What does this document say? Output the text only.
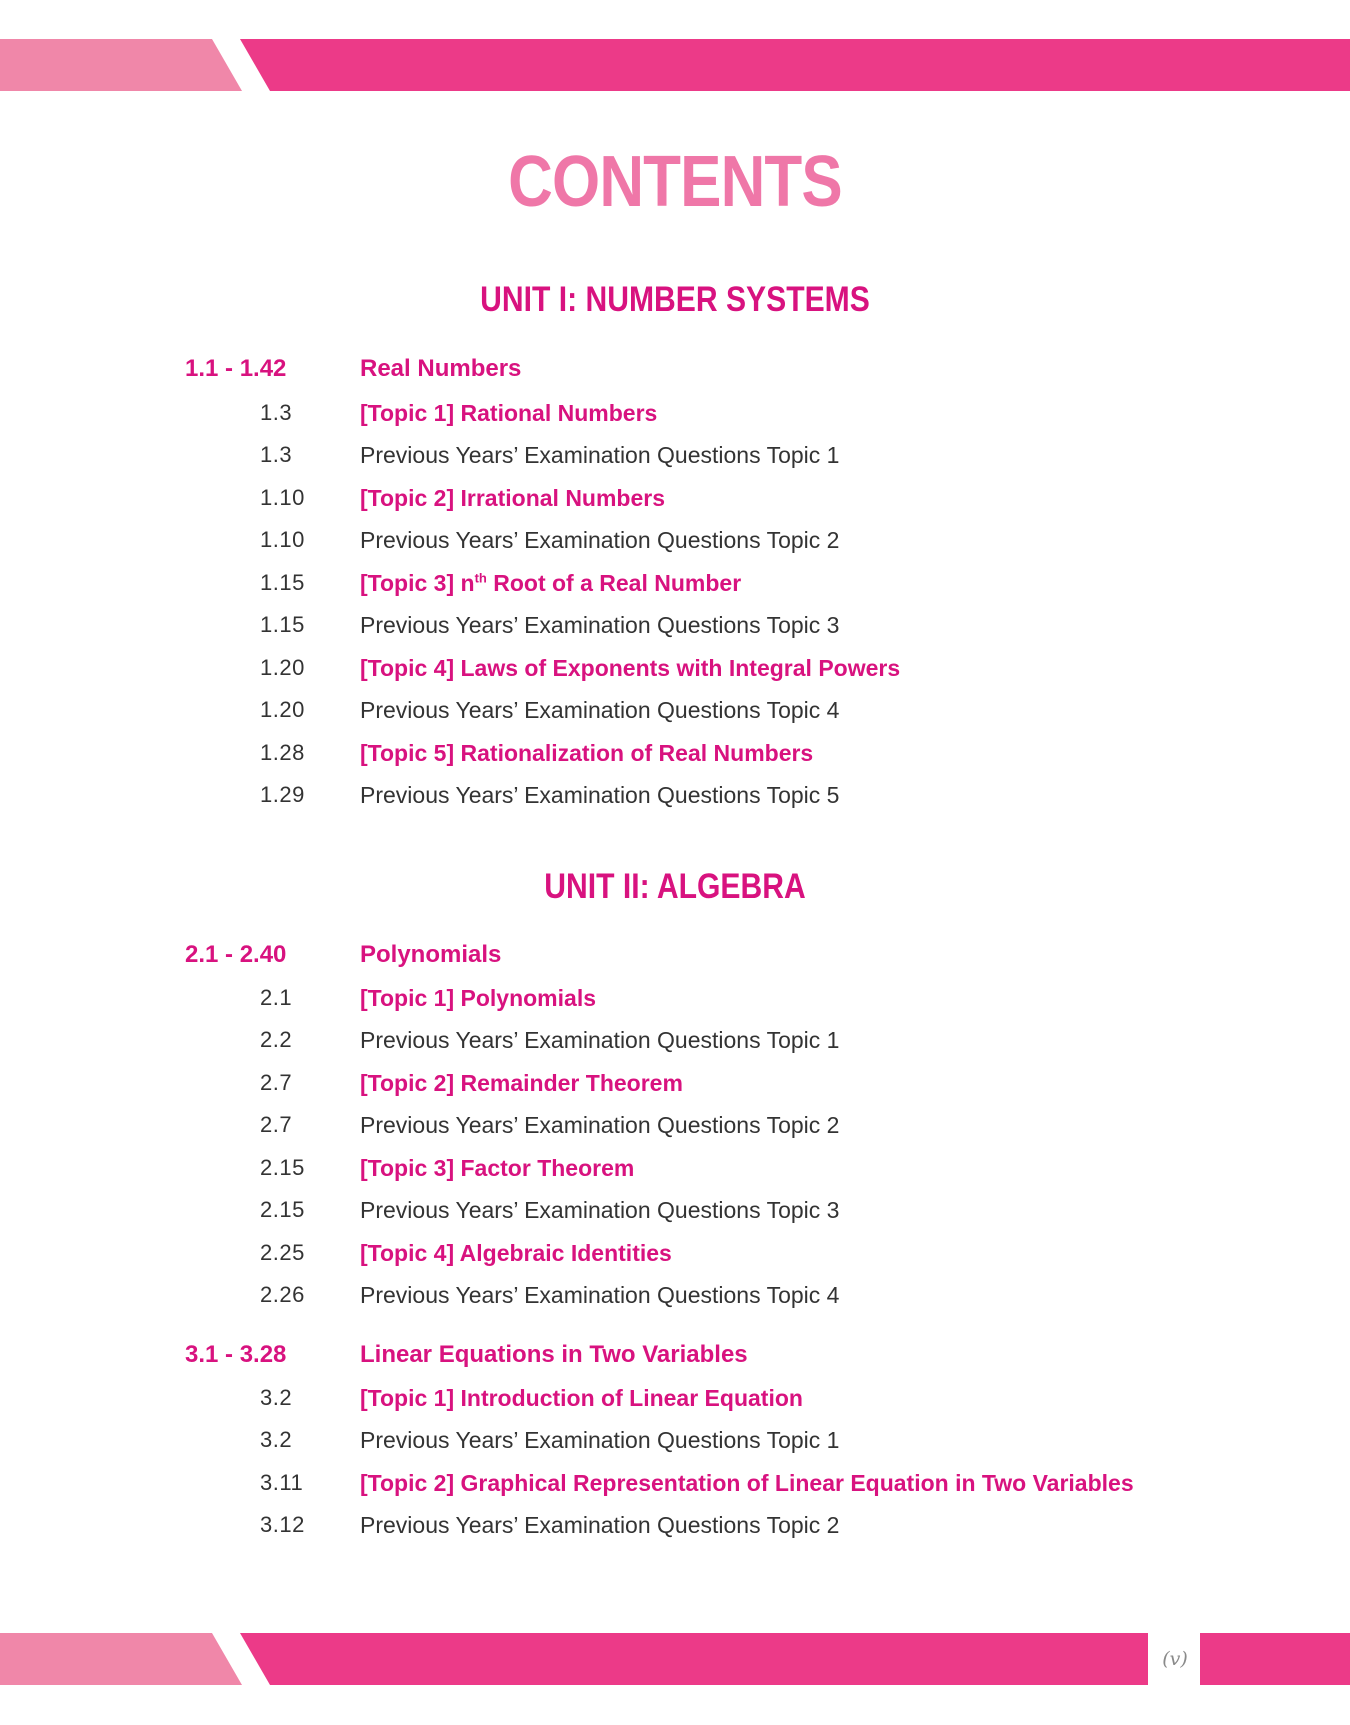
CONTENTS
UNIT I: NUMBER SYSTEMS
1.1 - 1.42	Real Numbers
1.3	[Topic 1] Rational Numbers
1.3	Previous Years’ Examination Questions Topic 1
1.10 [Topic 2] Irrational Numbers
1.10 Previous Years’ Examination Questions Topic 2
1.15 [Topic 3] $n^{th}$ Root of a Real Number
1.15 Previous Years’ Examination Questions Topic 3
1.20 [Topic 4] Laws of Exponents with Integral Powers
1.20 Previous Years’ Examination Questions Topic 4
1.28 [Topic 5] Rationalization of Real Numbers
1.29 Previous Years’ Examination Questions Topic 5
UNIT II: ALGEBRA
2.1 - 2.40	Polynomials
2.1	[Topic 1] Polynomials
2.2	Previous Years’ Examination Questions Topic 1
2.7	[Topic 2] Remainder Theorem
2.7	Previous Years’ Examination Questions Topic 2
2.15 [Topic 3] Factor Theorem
2.15 Previous Years’ Examination Questions Topic 3
2.25 [Topic 4] Algebraic Identities
2.26 Previous Years’ Examination Questions Topic 4
3.1 - 3.28	Linear Equations in Two Variables
3.2	[Topic 1] Introduction of Linear Equation
3.2	Previous Years’ Examination Questions Topic 1
3.11 [Topic 2] Graphical Representation of Linear Equation in Two Variables
3.12 Previous Years’ Examination Questions Topic 2
(v)
